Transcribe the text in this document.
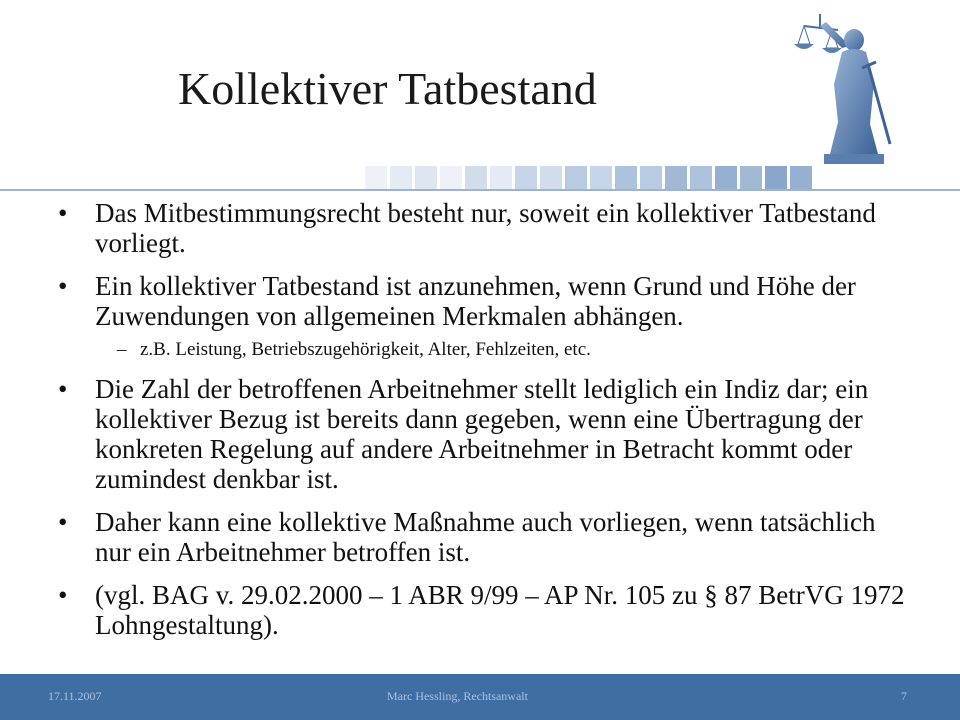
Kollektiver Tatbestand
• Das Mitbestimmungsrecht besteht nur, soweit ein kollektiver Tatbestand vorliegt.
• Ein kollektiver Tatbestand ist anzunehmen, wenn Grund und Höhe der Zuwendungen von allgemeinen Merkmalen abhängen.
– z.B. Leistung, Betriebszugehörigkeit, Alter, Fehlzeiten, etc.
• Die Zahl der betroffenen Arbeitnehmer stellt lediglich ein Indiz dar; ein kollektiver Bezug ist bereits dann gegeben, wenn eine Übertragung der konkreten Regelung auf andere Arbeitnehmer in Betracht kommt oder zumindest denkbar ist.
• Daher kann eine kollektive Maßnahme auch vorliegen, wenn tatsächlich nur ein Arbeitnehmer betroffen ist.
• (vgl. BAG v. 29.02.2000 – 1 ABR 9/99 – AP Nr. 105 zu § 87 BetrVG 1972 Lohngestaltung).
17.11.2007	Marc Hessling, Rechtsanwalt	7
